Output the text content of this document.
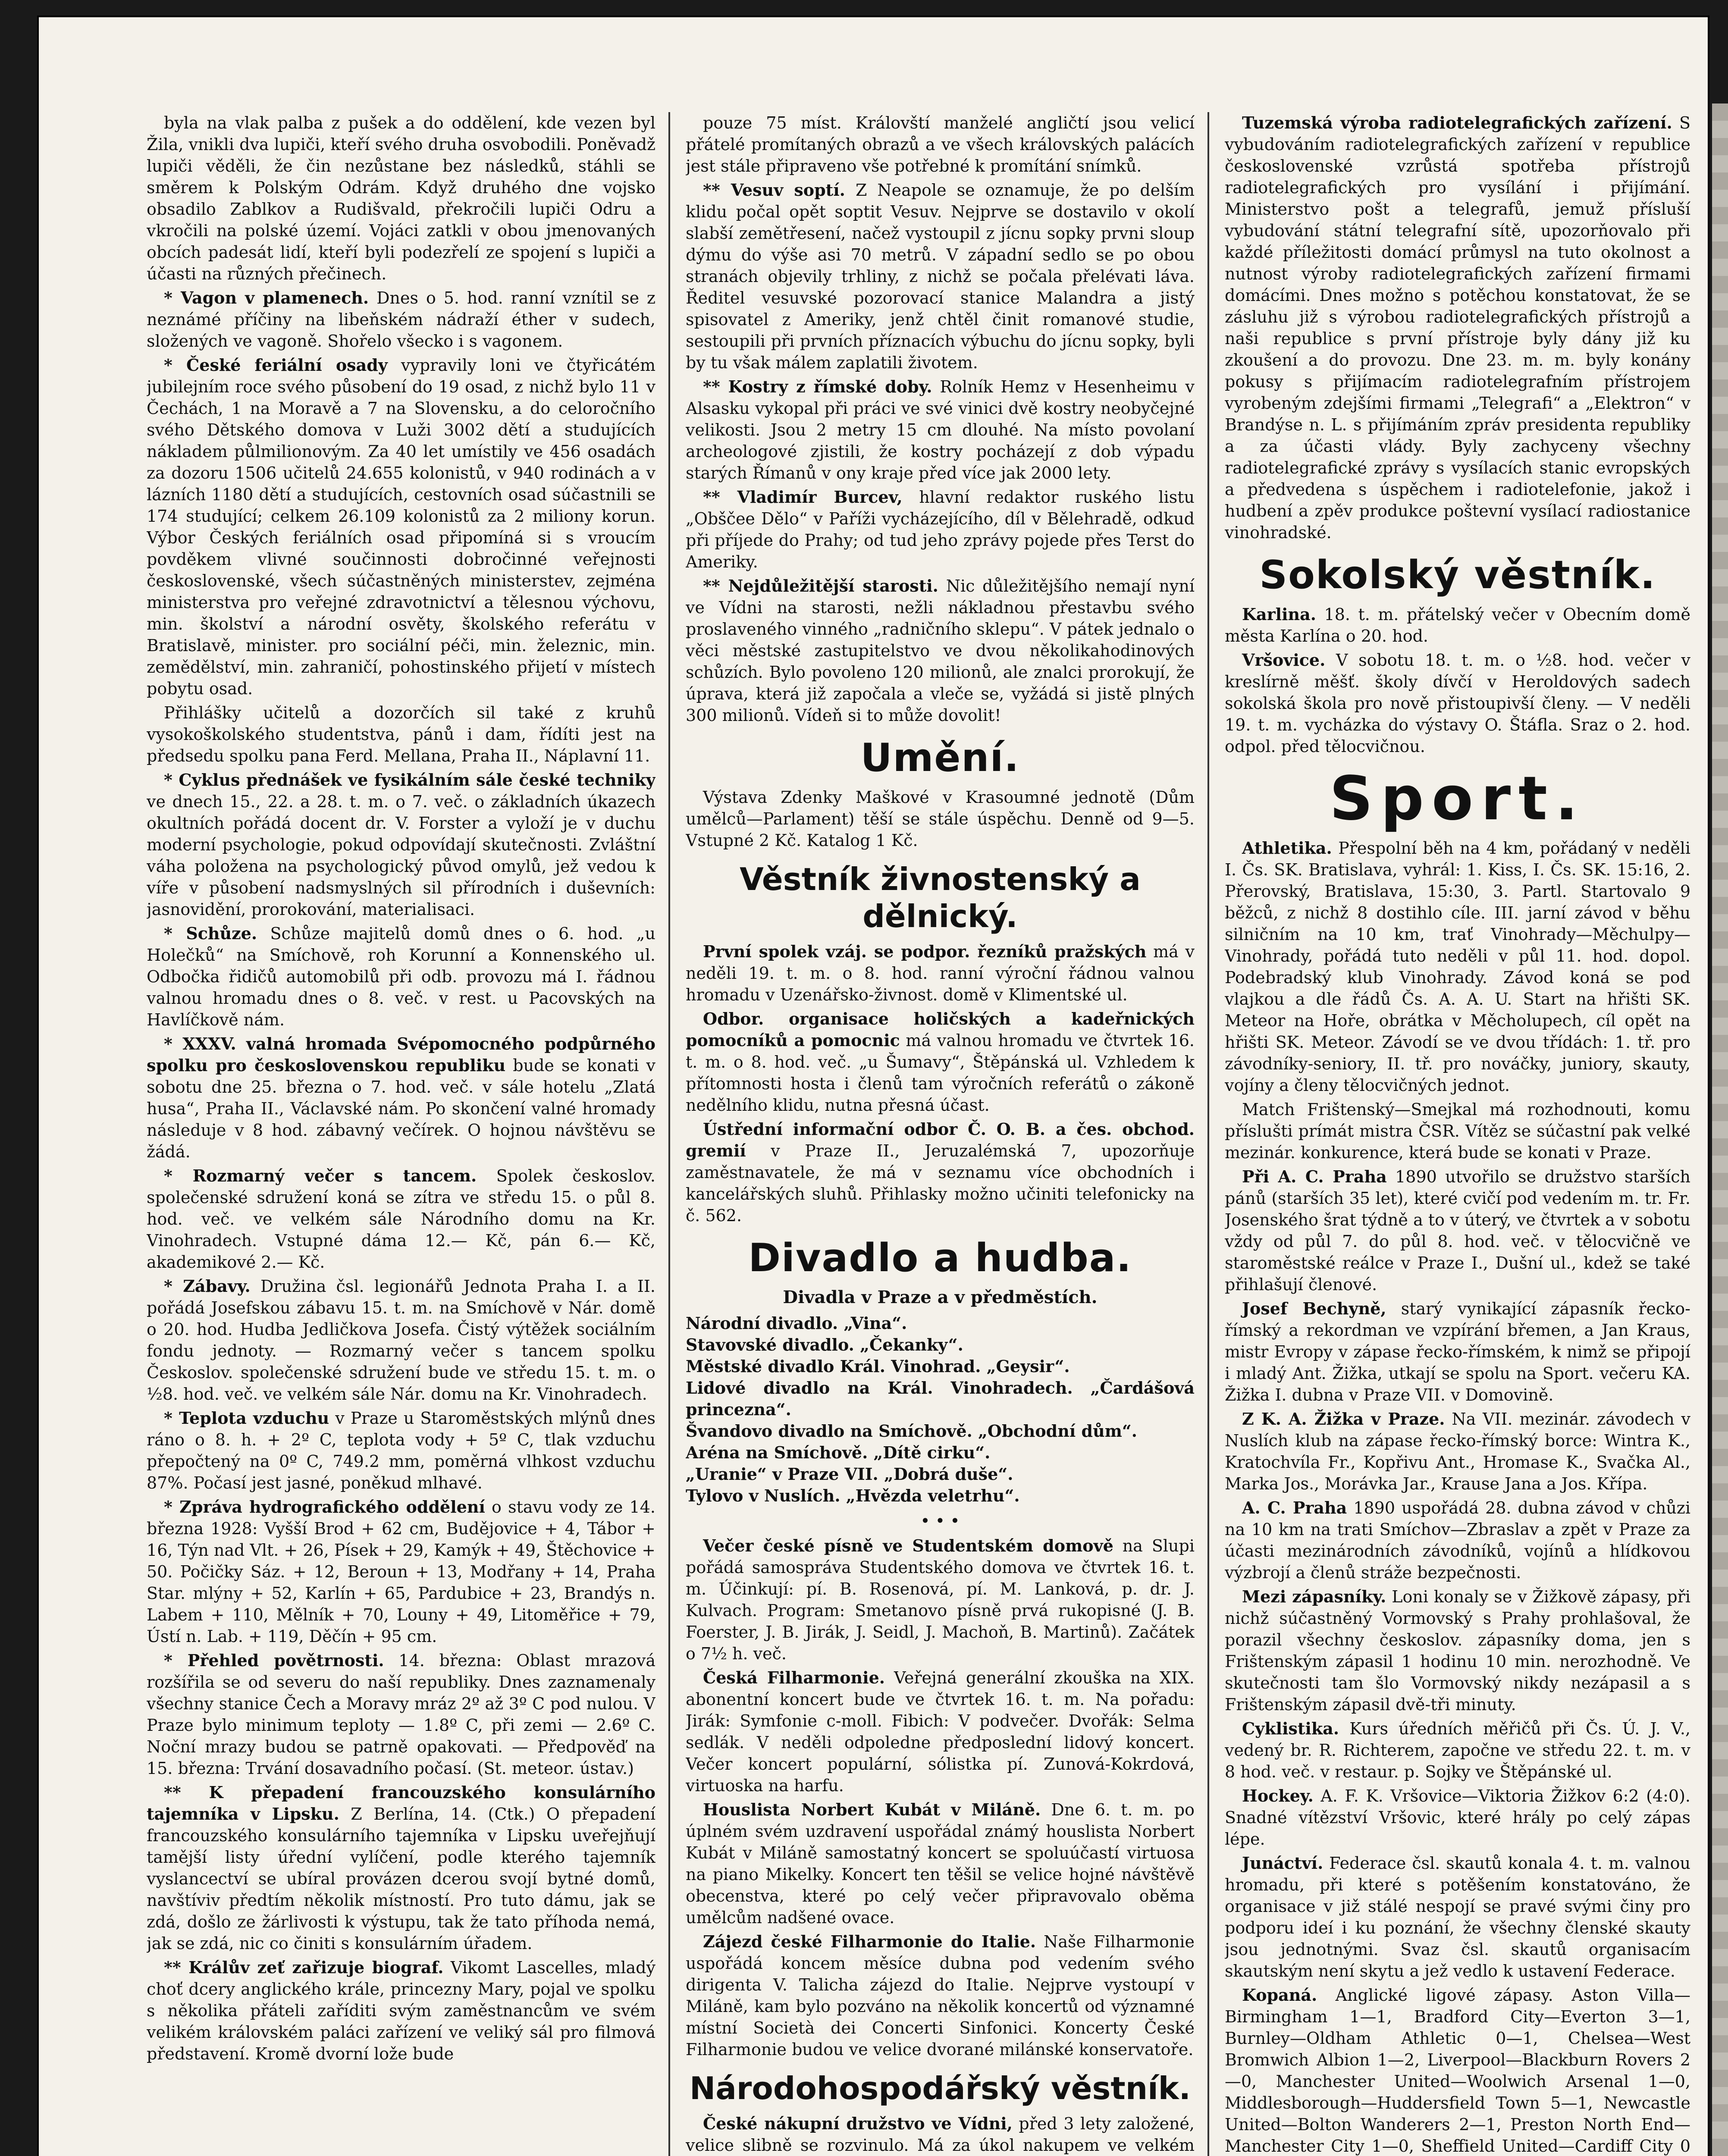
byla na vlak palba z pušek a do oddělení, kde vezen byl Žila, vnikli dva lupiči, kteří svého druha osvobodili. Poněvadž lupiči věděli, že čin nezůstane bez následků, stáhli se směrem k Polským Odrám. Když druhého dne vojsko obsadilo Zablkov a Rudišvald, překročili lupiči Odru a vkročili na polské území. Vojáci zatkli v obou jmenovaných obcích padesát lidí, kteří byli podezřelí ze spojení s lupiči a účasti na různých přečinech.

* Vagon v plamenech. Dnes o 5. hod. ranní vznítil se z neznámé příčiny na libeňském nádraží éther v sudech, složených ve vagoně. Shořelo všecko i s vagonem.

* České feriální osady vypravily loni ve čtyřicátém jubilejním roce svého působení do 19 osad, z nichž bylo 11 v Čechách, 1 na Moravě a 7 na Slovensku, a do celoročního svého Dětského domova v Luži 3002 dětí a studujících nákladem půlmilionovým. Za 40 let umístily ve 456 osadách za dozoru 1506 učitelů 24.655 kolonistů, v 940 rodinách a v lázních 1180 dětí a studujících, cestovních osad súčastnili se 174 studující; celkem 26.109 kolonistů za 2 miliony korun. Výbor Českých feriálních osad připomíná si s vroucím povděkem vlivné součinnosti dobročinné veřejnosti československé, všech súčastněných ministerstev, zejména ministerstva pro veřejné zdravotnictví a tělesnou výchovu, min. školství a národní osvěty, školského referátu v Bratislavě, minister. pro sociální péči, min. železnic, min. zemědělství, min. zahraničí, pohostinského přijetí v místech pobytu osad.

Přihlášky učitelů a dozorčích sil také z kruhů vysokoškolského studentstva, pánů i dam, řídíti jest na předsedu spolku pana Ferd. Mellana, Praha II., Náplavní 11.

* Cyklus přednášek ve fysikálním sále české techniky ve dnech 15., 22. a 28. t. m. o 7. več. o základních úkazech okultních pořádá docent dr. V. Forster a vyloží je v duchu moderní psychologie, pokud odpovídají skutečnosti. Zvláštní váha položena na psychologický původ omylů, jež vedou k víře v působení nadsmyslných sil přírodních i duševních: jasnovidění, prorokování, materialisaci.

* Schůze. Schůze majitelů domů dnes o 6. hod. „u Holečků“ na Smíchově, roh Korunní a Konnenského ul. Odbočka řidičů automobilů při odb. provozu má I. řádnou valnou hromadu dnes o 8. več. v rest. u Pacovských na Havlíčkově nám.

* XXXV. valná hromada Svépomocného podpůrného spolku pro československou republiku bude se konati v sobotu dne 25. března o 7. hod. več. v sále hotelu „Zlatá husa“, Praha II., Václavské nám. Po skončení valné hromady následuje v 8 hod. zábavný večírek. O hojnou návštěvu se žádá.

* Rozmarný večer s tancem. Spolek českoslov. společenské sdružení koná se zítra ve středu 15. o půl 8. hod. več. ve velkém sále Národního domu na Kr. Vinohradech. Vstupné dáma 12.— Kč, pán 6.— Kč, akademikové 2.— Kč.

* Zábavy. Družina čsl. legionářů Jednota Praha I. a II. pořádá Josefskou zábavu 15. t. m. na Smíchově v Nár. domě o 20. hod. Hudba Jedličkova Josefa. Čistý výtěžek sociálním fondu jednoty. — Rozmarný večer s tancem spolku Českoslov. společenské sdružení bude ve středu 15. t. m. o ½8. hod. več. ve velkém sále Nár. domu na Kr. Vinohradech.

* Teplota vzduchu v Praze u Staroměstských mlýnů dnes ráno o 8. h. + 2º C, teplota vody + 5º C, tlak vzduchu přepočtený na 0º C, 749.2 mm, poměrná vlhkost vzduchu 87%. Počasí jest jasné, poněkud mlhavé.

* Zpráva hydrografického oddělení o stavu vody ze 14. března 1928: Vyšší Brod + 62 cm, Budějovice + 4, Tábor + 16, Týn nad Vlt. + 26, Písek + 29, Kamýk + 49, Štěchovice + 50. Počičky Sáz. + 12, Beroun + 13, Modřany + 14, Praha Star. mlýny + 52, Karlín + 65, Pardubice + 23, Brandýs n. Labem + 110, Mělník + 70, Louny + 49, Litoměřice + 79, Ústí n. Lab. + 119, Děčín + 95 cm.

* Přehled povětrnosti. 14. března: Oblast mrazová rozšířila se od severu do naší republiky. Dnes zaznamenaly všechny stanice Čech a Moravy mráz 2º až 3º C pod nulou. V Praze bylo minimum teploty — 1.8º C, při zemi — 2.6º C. Noční mrazy budou se patrně opakovati. — Předpověď na 15. března: Trvání dosavadního počasí. (St. meteor. ústav.)

** K přepadení francouzského konsulárního tajemníka v Lipsku. Z Berlína, 14. (Ctk.) O přepadení francouzského konsulárního tajemníka v Lipsku uveřejňují tamější listy úřední vylíčení, podle kterého tajemník vyslancectví se ubíral provázen dcerou svojí bytné domů, navštíviv předtím několik místností. Pro tuto dámu, jak se zdá, došlo ze žárlivosti k výstupu, tak že tato příhoda nemá, jak se zdá, nic co činiti s konsulárním úřadem.

** Králův zeť zařizuje biograf. Vikomt Lascelles, mladý choť dcery anglického krále, princezny Mary, pojal ve spolku s několika přáteli zaříditi svým zaměstnancům ve svém velikém královském paláci zařízení ve veliký sál pro filmová představení. Kromě dvorní lože bude

pouze 75 míst. Královští manželé angličtí jsou velicí přátelé promítaných obrazů a ve všech královských palácích jest stále připraveno vše potřebné k promítání snímků.

** Vesuv soptí. Z Neapole se oznamuje, že po delším klidu počal opět soptit Vesuv. Nejprve se dostavilo v okolí slabší zemětřesení, načež vystoupil z jícnu sopky prvni sloup dýmu do výše asi 70 metrů. V západní sedlo se po obou stranách objevily trhliny, z nichž se počala přelévati láva. Ředitel vesuvské pozorovací stanice Malandra a jistý spisovatel z Ameriky, jenž chtěl činit romanové studie, sestoupili při prvních příznacích výbuchu do jícnu sopky, byli by tu však málem zaplatili životem.

** Kostry z římské doby. Rolník Hemz v Hesenheimu v Alsasku vykopal při práci ve své vinici dvě kostry neobyčejné velikosti. Jsou 2 metry 15 cm dlouhé. Na místo povolaní archeologové zjistili, že kostry pocházejí z dob výpadu starých Římanů v ony kraje před více jak 2000 lety.

** Vladimír Burcev, hlavní redaktor ruského listu „Obščee Dělo“ v Paříži vycházejícího, díl v Bělehradě, odkud při příjede do Prahy; od tud jeho zprávy pojede přes Terst do Ameriky.

** Nejdůležitější starosti. Nic důležitějšího nemají nyní ve Vídni na starosti, nežli nákladnou přestavbu svého proslaveného vinného „radničního sklepu“. V pátek jednalo o věci městské zastupitelstvo ve dvou několikahodinových schůzích. Bylo povoleno 120 milionů, ale znalci prorokují, že úprava, která již započala a vleče se, vyžádá si jistě plných 300 milionů. Vídeň si to může dovolit!

Umění.

Výstava Zdenky Maškové v Krasoumné jednotě (Dům umělců—Parlament) těší se stále úspěchu. Denně od 9—5. Vstupné 2 Kč. Katalog 1 Kč.

Věstník živnostenský a dělnický.

První spolek vzáj. se podpor. řezníků pražských má v neděli 19. t. m. o 8. hod. ranní výroční řádnou valnou hromadu v Uzenářsko-živnost. domě v Klimentské ul.

Odbor. organisace holičských a kadeřnických pomocníků a pomocnic má valnou hromadu ve čtvrtek 16. t. m. o 8. hod. več. „u Šumavy“, Štěpánská ul. Vzhledem k přítomnosti hosta i členů tam výročních referátů o zákoně nedělního klidu, nutna přesná účast.

Ústřední informační odbor Č. O. B. a čes. obchod. gremií v Praze II., Jeruzalémská 7, upozorňuje zaměstnavatele, že má v seznamu více obchodních i kancelářských sluhů. Přihlasky možno učiniti telefonicky na č. 562.

Divadlo a hudba.
Divadla v Praze a v předměstích.
Národní divadlo. „Vina“.
Stavovské divadlo. „Čekanky“.
Městské divadlo Král. Vinohrad. „Geysir“.
Lidové divadlo na Král. Vinohradech. „Čardášová princezna“.
Švandovo divadlo na Smíchově. „Obchodní dům“.
Aréna na Smíchově. „Dítě cirku“.
„Uranie“ v Praze VII. „Dobrá duše“.
Tylovo v Nuslích. „Hvězda veletrhu“.
• • •

Večer české písně ve Studentském domově na Slupi pořádá samosprávа Studentského domova ve čtvrtek 16. t. m. Účinkují: pí. B. Rosenová, pí. M. Lanková, p. dr. J. Kulvach. Program: Smetanovo písně prvá rukopisné (J. B. Foerster, J. B. Jirák, J. Seidl, J. Machoň, B. Martinů). Začátek o 7½ h. več.

Česká Filharmonie. Veřejná generální zkouška na XIX. abonentní koncert bude ve čtvrtek 16. t. m. Na pořadu: Jirák: Symfonie c-moll. Fibich: V podvečer. Dvořák: Selma sedlák. V neděli odpoledne předposlední lidový koncert. Večer koncert populární, sólistka pí. Zunová-Kokrdová, virtuoska na harfu.

Houslista Norbert Kubát v Miláně. Dne 6. t. m. po úplném svém uzdravení uspořádal známý houslista Norbert Kubát v Miláně samostatný koncert se spoluúčastí virtuosa na piano Mikelky. Koncert ten těšil se velice hojné návštěvě obecenstva, které po celý večer připravovalo oběma umělcům nadšené ovace.

Zájezd české Filharmonie do Italie. Naše Filharmonie uspořádá koncem měsíce dubna pod vedením svého dirigenta V. Talicha zájezd do Italie. Nejprve vystoupí v Miláně, kam bylo pozváno na několik koncertů od významné místní Società dei Concerti Sinfonici. Koncerty České Filharmonie budou ve velice dvorané milánské konservatoře.

Národohospodářský věstník.

České nákupní družstvo ve Vídni, před 3 lety založené, velice slibně se rozvinulo. Má za úkol nakupem ve velkém

Tuzemská výroba radiotelegrafických zařízení. S vybudováním radiotelegrafických zařízení v republice československé vzrůstá spotřeba přístrojů radiotelegrafických pro vysílání i přijímání. Ministerstvo pošt a telegrafů, jemuž přísluší vybudování státní telegrafní sítě, upozorňovalo při každé příležitosti domácí průmysl na tuto okolnost a nutnost výroby radiotelegrafických zařízení firmami domácími. Dnes možno s potěchou konstatovat, že se zásluhu již s výrobou radiotelegrafických přístrojů a naši republice s první přístroje byly dány již ku zkoušení a do provozu. Dne 23. m. m. byly konány pokusy s přijímacím radiotelegrafním přístrojem vyrobeným zdejšími firmami „Telegrafi“ a „Elektron“ v Brandýse n. L. s přijímáním zpráv presidenta republiky a za účasti vlády. Byly zachyceny všechny radiotelegrafické zprávy s vysílacích stanic evropských a předvedena s úspěchem i radiotelefonie, jakož i hudbení a zpěv produkce poštevní vysílací radiostanice vinohradské.

Sokolský věstník.

Karlina. 18. t. m. přátelský večer v Obecním domě města Karlína o 20. hod.

Vršovice. V sobotu 18. t. m. o ½8. hod. večer v kreslírně měšť. školy dívčí v Heroldových sadech sokolská škola pro nově přistoupivší členy. — V neděli 19. t. m. vycházka do výstavy O. Štáfla. Sraz o 2. hod. odpol. před tělocvičnou.

Sport.

Athletika. Přespolní běh na 4 km, pořádaný v neděli I. Čs. SK. Bratislava, vyhrál: 1. Kiss, I. Čs. SK. 15:16, 2. Přerovský, Bratislava, 15:30, 3. Partl. Startovalo 9 běžců, z nichž 8 dostihlo cíle. III. jarní závod v běhu silničním na 10 km, trať Vinohrady—Měchulpy—Vinohrady, pořádá tuto neděli v půl 11. hod. dopol. Podebradský klub Vinohrady. Závod koná se pod vlajkou a dle řádů Čs. A. A. U. Start na hřišti SK. Meteor na Hoře, obrátka v Měcholupech, cíl opět na hřišti SK. Meteor. Závodí se ve dvou třídách: 1. tř. pro závodníky-seniory, II. tř. pro nováčky, juniory, skauty, vojíny a členy tělocvičných jednot.

Match Frištenský—Smejkal má rozhodnouti, komu příslušti prímát mistra ČSR. Vítěz se súčastní pak velké mezinár. konkurence, která bude se konati v Praze.

Při A. C. Praha 1890 utvořilo se družstvo starších pánů (starších 35 let), které cvičí pod vedením m. tr. Fr. Josenského šrat týdně a to v úterý, ve čtvrtek a v sobotu vždy od půl 7. do půl 8. hod. več. v tělocvičně ve staroměstské reálce v Praze I., Dušní ul., kdež se také přihlašují členové.

Josef Bechyně, starý vynikající zápasník řecko-římský a rekordman ve vzpírání břemen, a Jan Kraus, mistr Evropy v zápase řecko-římském, k nimž se připojí i mladý Ant. Žižka, utkají se spolu na Sport. večeru KA. Žižka I. dubna v Praze VII. v Domovině.

Z K. A. Žižka v Praze. Na VII. mezinár. závodech v Nuslích klub na zápase řecko-římský borce: Wintra K., Kratochvíla Fr., Kopřivu Ant., Hromase K., Svačka Al., Marka Jos., Morávka Jar., Krause Jana a Jos. Křípa.

A. C. Praha 1890 uspořádá 28. dubna závod v chůzi na 10 km na trati Smíchov—Zbraslav a zpět v Praze za účasti mezinárodních závodníků, vojínů a hlídkovou výzbrojí a členů stráže bezpečnosti.

Mezi zápasníky. Loni konaly se v Žižkově zápasy, při nichž súčastněný Vormovský s Prahy prohlašoval, že porazil všechny českoslov. zápasníky doma, jen s Frištenským zápasil 1 hodinu 10 min. nerozhodně. Ve skutečnosti tam šlo Vormovský nikdy nezápasil a s Frištenským zápasil dvě-tři minuty.

Cyklistika. Kurs úředních měřičů při Čs. Ú. J. V., vedený br. R. Richterem, započne ve středu 22. t. m. v 8 hod. več. v restaur. p. Sojky ve Štěpánské ul.

Hockey. A. F. K. Vršovice—Viktoria Žižkov 6:2 (4:0). Snadné vítězství Vršovic, které hrály po celý zápas lépe.

Junáctví. Federace čsl. skautů konala 4. t. m. valnou hromadu, při které s potěšením konstatováno, že organisace v již stálé nespojí se pravé svými činy pro podporu ideí i ku poznání, že všechny členské skauty jsou jednotnými. Svaz čsl. skautů organisacím skautským není skytu a jež vedlo k ustavení Federace.

Kopaná. Anglické ligové zápasy. Aston Villa—Birmingham 1—1, Bradford City—Everton 3—1, Burnley—Oldham Athletic 0—1, Chelsea—West Bromwich Albion 1—2, Liverpool—Blackburn Rovers 2—0, Manchester United—Woolwich Arsenal 1—0, Middlesborough—Huddersfield Town 5—1, Newcastle United—Bolton Wanderers 2—1, Preston North End—Manchester City 1—0, Sheffield United—Cardiff City 0
